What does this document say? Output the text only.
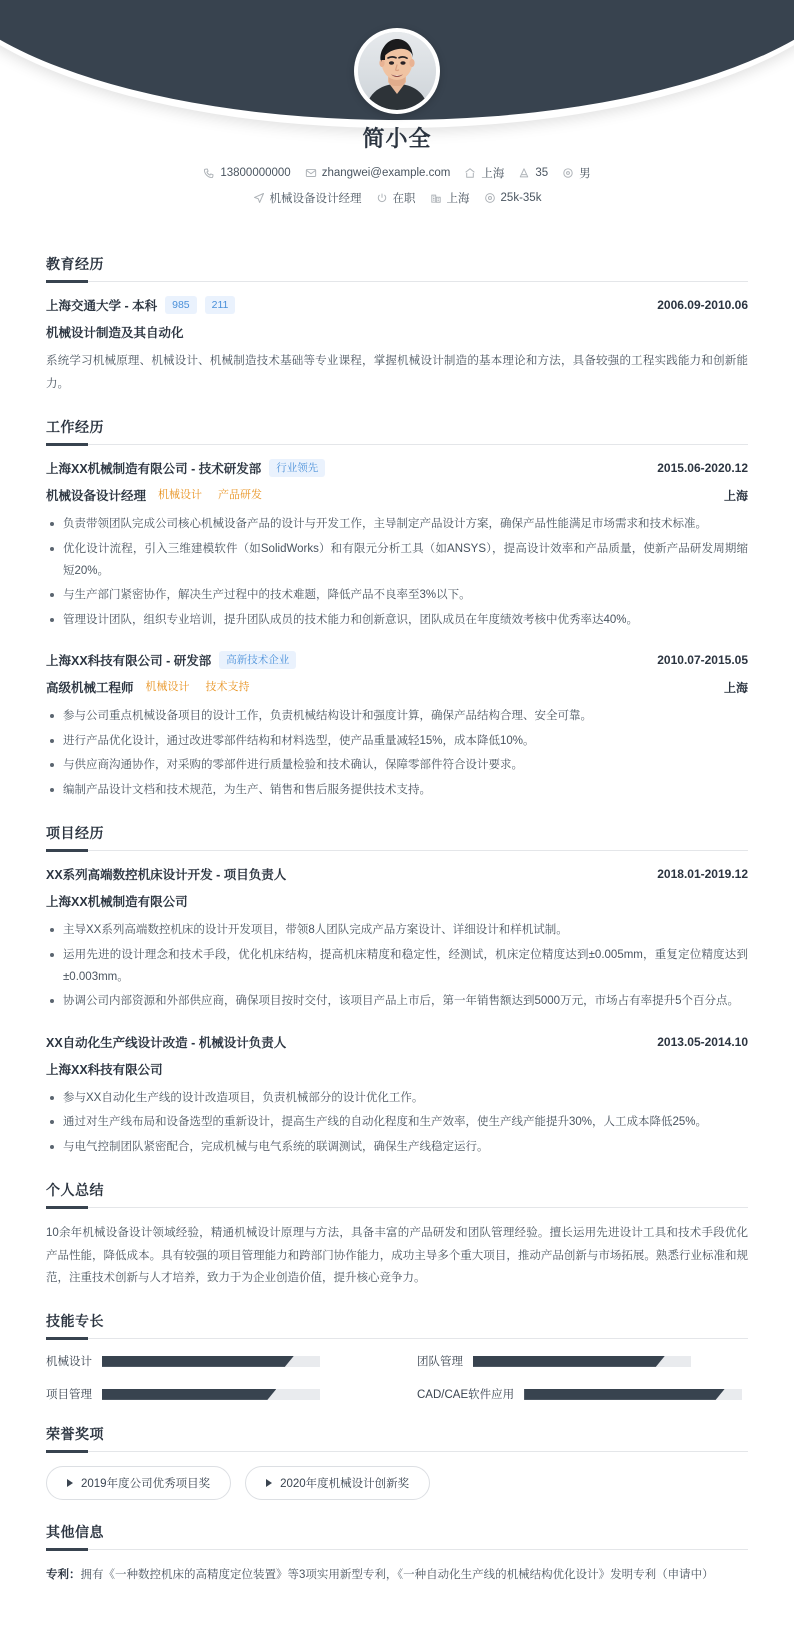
简小全
13800000000	zhangwei@example.com	上海	35	男
机械设备设计经理	在职	上海	25k-35k
教育经历
上海交通大学 - 本科	985	211	2006.09-2010.06
机械设计制造及其自动化
系统学习机械原理、机械设计、机械制造技术基础等专业课程，掌握机械设计制造的基本理论和方法，具备较强的工程实践能力和创新能力。
工作经历
上海XX机械制造有限公司 - 技术研发部	行业领先	2015.06-2020.12
机械设备设计经理	机械设计	产品研发	上海
负责带领团队完成公司核心机械设备产品的设计与开发工作，主导制定产品设计方案，确保产品性能满足市场需求和技术标准。
优化设计流程，引入三维建模软件（如SolidWorks）和有限元分析工具（如ANSYS），提高设计效率和产品质量，使新产品研发周期缩短20%。
与生产部门紧密协作，解决生产过程中的技术难题，降低产品不良率至3%以下。
管理设计团队，组织专业培训，提升团队成员的技术能力和创新意识，团队成员在年度绩效考核中优秀率达40%。
上海XX科技有限公司 - 研发部	高新技术企业	2010.07-2015.05
高级机械工程师	机械设计	技术支持	上海
参与公司重点机械设备项目的设计工作，负责机械结构设计和强度计算，确保产品结构合理、安全可靠。
进行产品优化设计，通过改进零部件结构和材料选型，使产品重量减轻15%，成本降低10%。
与供应商沟通协作，对采购的零部件进行质量检验和技术确认，保障零部件符合设计要求。
编制产品设计文档和技术规范，为生产、销售和售后服务提供技术支持。
项目经历
XX系列高端数控机床设计开发 - 项目负责人	2018.01-2019.12
上海XX机械制造有限公司
主导XX系列高端数控机床的设计开发项目，带领8人团队完成产品方案设计、详细设计和样机试制。
运用先进的设计理念和技术手段，优化机床结构，提高机床精度和稳定性，经测试，机床定位精度达到±0.005mm，重复定位精度达到±0.003mm。
协调公司内部资源和外部供应商，确保项目按时交付，该项目产品上市后，第一年销售额达到5000万元，市场占有率提升5个百分点。
XX自动化生产线设计改造 - 机械设计负责人	2013.05-2014.10
上海XX科技有限公司
参与XX自动化生产线的设计改造项目，负责机械部分的设计优化工作。
通过对生产线布局和设备选型的重新设计，提高生产线的自动化程度和生产效率，使生产线产能提升30%，人工成本降低25%。
与电气控制团队紧密配合，完成机械与电气系统的联调测试，确保生产线稳定运行。
个人总结
10余年机械设备设计领域经验，精通机械设计原理与方法，具备丰富的产品研发和团队管理经验。擅长运用先进设计工具和技术手段优化产品性能，降低成本。具有较强的项目管理能力和跨部门协作能力，成功主导多个重大项目，推动产品创新与市场拓展。熟悉行业标准和规范，注重技术创新与人才培养，致力于为企业创造价值，提升核心竞争力。
技能专长
机械设计	团队管理
项目管理	CAD/CAE软件应用
荣誉奖项
2019年度公司优秀项目奖	2020年度机械设计创新奖
其他信息
专利：拥有《一种数控机床的高精度定位装置》等3项实用新型专利，《一种自动化生产线的机械结构优化设计》发明专利（申请中）
